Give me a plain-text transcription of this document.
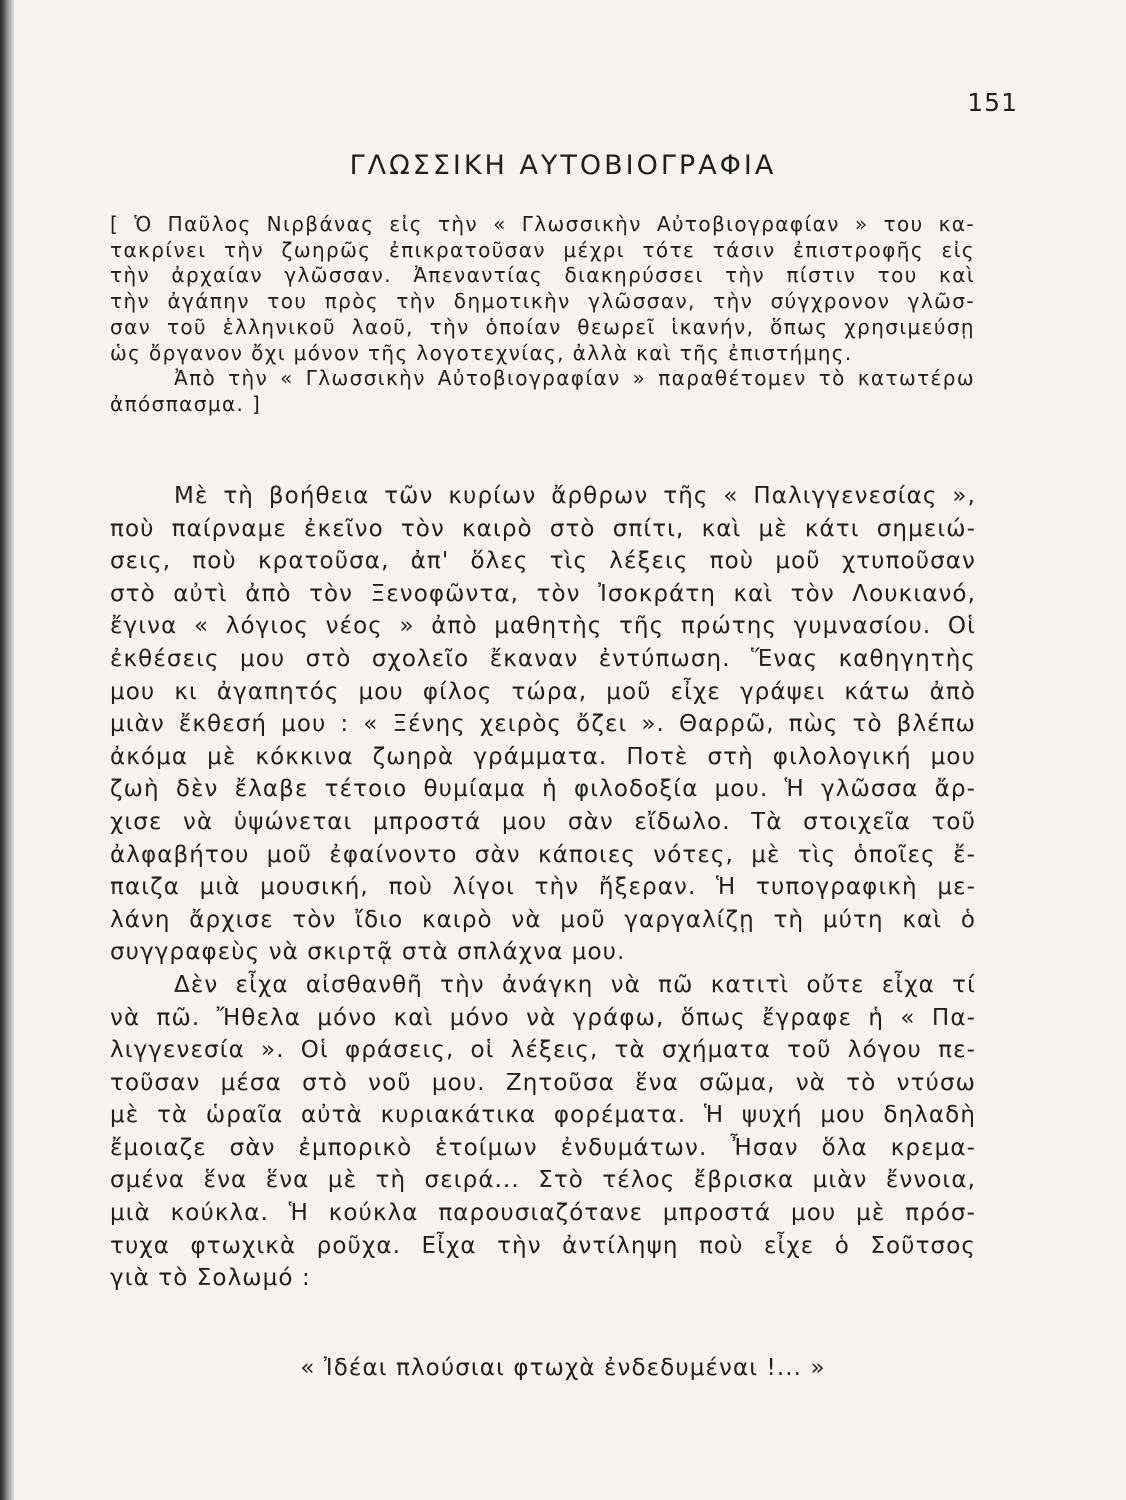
151
ΓΛΩΣΣΙΚΗ ΑΥΤΟΒΙΟΓΡΑΦΙΑ
[ Ὁ Παῦλος Νιρβάνας εἰς τὴν « Γλωσσικὴν Αὐτοβιογραφίαν » του κα-
τακρίνει τὴν ζωηρῶς ἐπικρατοῦσαν μέχρι τότε τάσιν ἐπιστροφῆς εἰς
τὴν ἀρχαίαν γλῶσσαν. Ἀπεναντίας διακηρύσσει τὴν πίστιν του καὶ
τὴν ἀγάπην του πρὸς τὴν δημοτικὴν γλῶσσαν, τὴν σύγχρονον γλῶσ-
σαν τοῦ ἑλληνικοῦ λαοῦ, τὴν ὁποίαν θεωρεῖ ἱκανήν, ὅπως χρησιμεύσῃ
ὡς ὄργανον ὄχι μόνον τῆς λογοτεχνίας, ἀλλὰ καὶ τῆς ἐπιστήμης.
Ἀπὸ τὴν « Γλωσσικὴν Αὐτοβιογραφίαν » παραθέτομεν τὸ κατωτέρω
ἀπόσπασμα. ]
Μὲ τὴ βοήθεια τῶν κυρίων ἄρθρων τῆς « Παλιγγενεσίας »,
ποὺ παίρναμε ἐκεῖνο τὸν καιρὸ στὸ σπίτι, καὶ μὲ κάτι σημειώ-
σεις, ποὺ κρατοῦσα, ἀπ' ὅλες τὶς λέξεις ποὺ μοῦ χτυποῦσαν
στὸ αὐτὶ ἀπὸ τὸν Ξενοφῶντα, τὸν Ἰσοκράτη καὶ τὸν Λουκιανό,
ἔγινα « λόγιος νέος » ἀπὸ μαθητὴς τῆς πρώτης γυμνασίου. Οἱ
ἐκθέσεις μου στὸ σχολεῖο ἔκαναν ἐντύπωση. Ἕνας καθηγητὴς
μου κι ἀγαπητός μου φίλος τώρα, μοῦ εἶχε γράψει κάτω ἀπὸ
μιὰν ἔκθεσή μου : « Ξένης χειρὸς ὄζει ». Θαρρῶ, πὼς τὸ βλέπω
ἀκόμα μὲ κόκκινα ζωηρὰ γράμματα. Ποτὲ στὴ φιλολογική μου
ζωὴ δὲν ἔλαβε τέτοιο θυμίαμα ἡ φιλοδοξία μου. Ἡ γλῶσσα ἄρ-
χισε νὰ ὑψώνεται μπροστά μου σὰν εἴδωλο. Τὰ στοιχεῖα τοῦ
ἀλφαβήτου μοῦ ἐφαίνοντο σὰν κάποιες νότες, μὲ τὶς ὁποῖες ἔ-
παιζα μιὰ μουσική, ποὺ λίγοι τὴν ἤξεραν. Ἡ τυπογραφικὴ με-
λάνη ἄρχισε τὸν ἴδιο καιρὸ νὰ μοῦ γαργαλίζῃ τὴ μύτη καὶ ὁ
συγγραφεὺς νὰ σκιρτᾷ στὰ σπλάχνα μου.
Δὲν εἶχα αἰσθανθῆ τὴν ἀνάγκη νὰ πῶ κατιτὶ οὔτε εἶχα τί
νὰ πῶ. Ἤθελα μόνο καὶ μόνο νὰ γράφω, ὅπως ἔγραφε ἡ « Πα-
λιγγενεσία ». Οἱ φράσεις, οἱ λέξεις, τὰ σχήματα τοῦ λόγου πε-
τοῦσαν μέσα στὸ νοῦ μου. Ζητοῦσα ἕνα σῶμα, νὰ τὸ ντύσω
μὲ τὰ ὡραῖα αὐτὰ κυριακάτικα φορέματα. Ἡ ψυχή μου δηλαδὴ
ἔμοιαζε σὰν ἐμπορικὸ ἑτοίμων ἐνδυμάτων. Ἦσαν ὅλα κρεμα-
σμένα ἕνα ἕνα μὲ τὴ σειρά... Στὸ τέλος ἔβρισκα μιὰν ἔννοια,
μιὰ κούκλα. Ἡ κούκλα παρουσιαζότανε μπροστά μου μὲ πρόσ-
τυχα φτωχικὰ ροῦχα. Εἶχα τὴν ἀντίληψη ποὺ εἶχε ὁ Σοῦτσος
γιὰ τὸ Σολωμό :
« Ἰδέαι πλούσιαι φτωχὰ ἐνδεδυμέναι !... »
